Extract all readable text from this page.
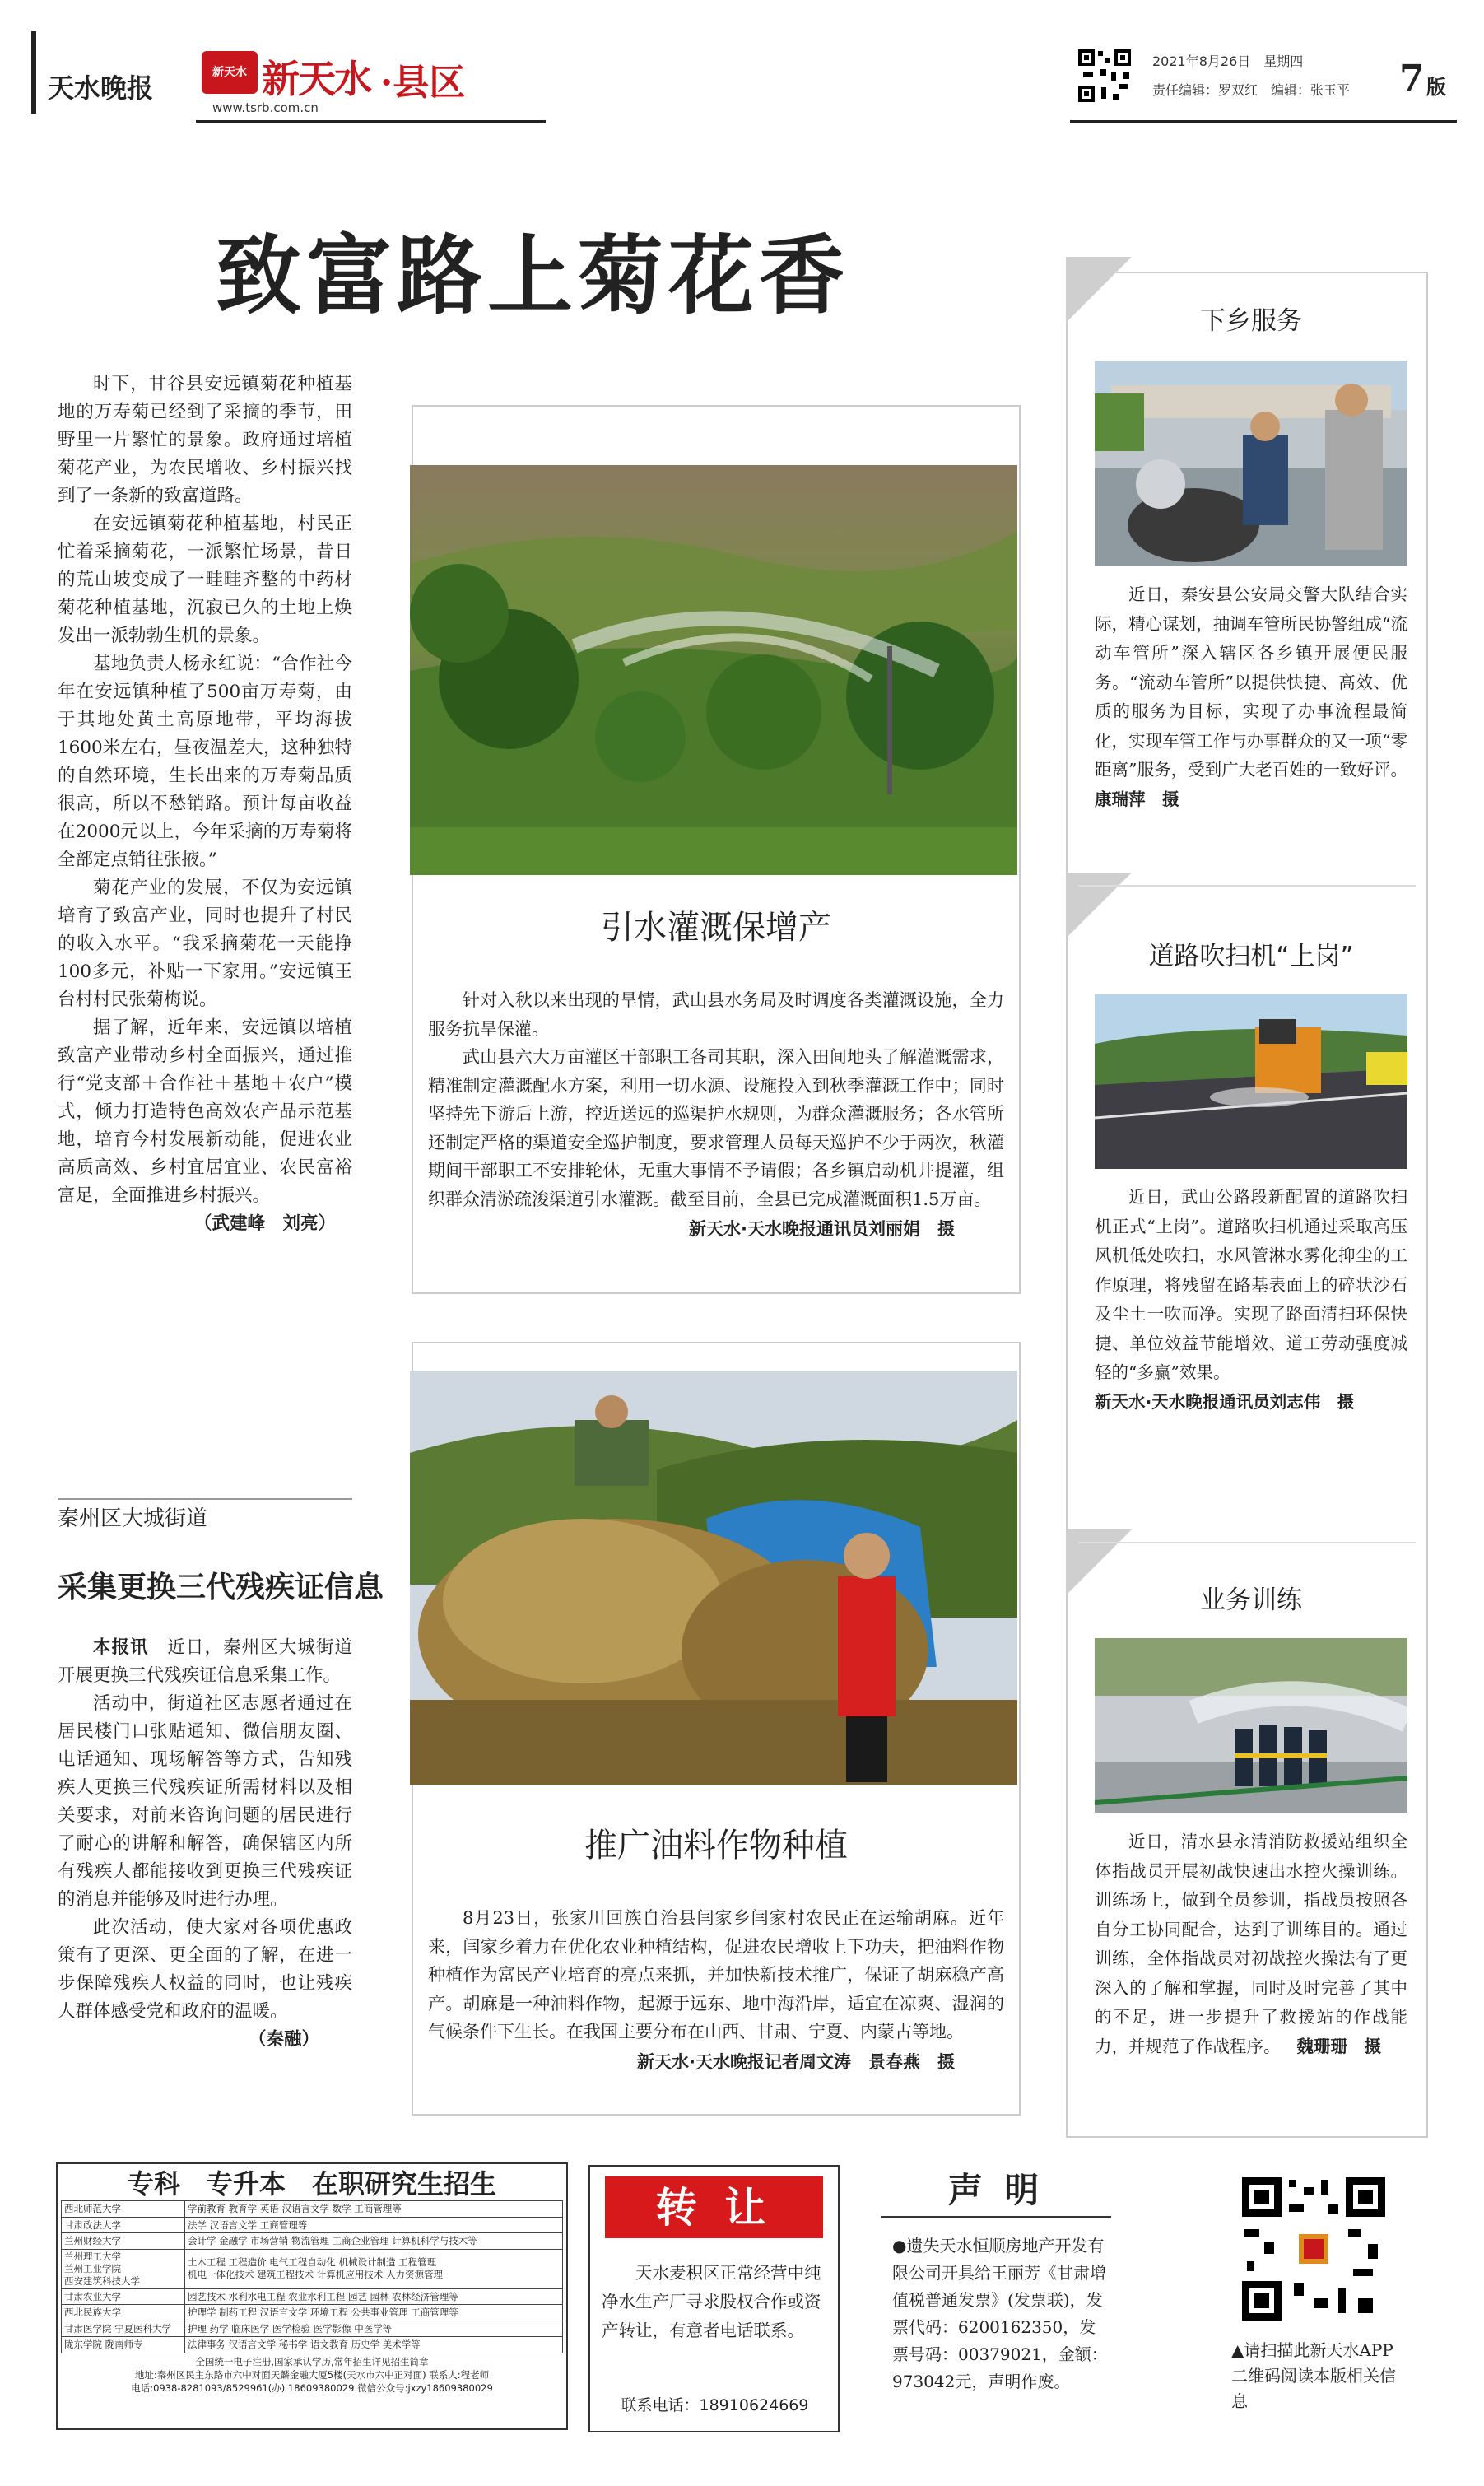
天水晚报	新天水 新天水 ·县区
www.tsrb.com.cn
2021年8月26日　星期四
责任编辑：罗双红　编辑：张玉平 7 版
致富路上菊花香

时下，甘谷县安远镇菊花种植基地的万寿菊已经到了采摘的季节，田野里一片繁忙的景象。政府通过培植菊花产业，为农民增收、乡村振兴找到了一条新的致富道路。

在安远镇菊花种植基地，村民正忙着采摘菊花，一派繁忙场景，昔日的荒山坡变成了一畦畦齐整的中药材菊花种植基地，沉寂已久的土地上焕发出一派勃勃生机的景象。

基地负责人杨永红说：“合作社今年在安远镇种植了500亩万寿菊，由于其地处黄土高原地带，平均海拔1600米左右，昼夜温差大，这种独特的自然环境，生长出来的万寿菊品质很高，所以不愁销路。预计每亩收益在2000元以上，今年采摘的万寿菊将全部定点销往张掖。”

菊花产业的发展，不仅为安远镇培育了致富产业，同时也提升了村民的收入水平。“我采摘菊花一天能挣100多元，补贴一下家用。”安远镇王台村村民张菊梅说。

据了解，近年来，安远镇以培植致富产业带动乡村全面振兴，通过推行“党支部＋合作社＋基地＋农户”模式，倾力打造特色高效农产品示范基地，培育今村发展新动能，促进农业高质高效、乡村宜居宜业、农民富裕富足，全面推进乡村振兴。

（武建峰　刘亮）
秦州区大城街道
采集更换三代残疾证信息

本报讯　 近日，秦州区大城街道开展更换三代残疾证信息采集工作。

活动中，街道社区志愿者通过在居民楼门口张贴通知、微信朋友圈、电话通知、现场解答等方式，告知残疾人更换三代残疾证所需材料以及相关要求，对前来咨询问题的居民进行了耐心的讲解和解答，确保辖区内所有残疾人都能接收到更换三代残疾证的消息并能够及时进行办理。

此次活动，使大家对各项优惠政策有了更深、更全面的了解，在进一步保障残疾人权益的同时，也让残疾人群体感受党和政府的温暖。

（秦融）
引水灌溉保增产

针对入秋以来出现的旱情，武山县水务局及时调度各类灌溉设施，全力服务抗旱保灌。

武山县六大万亩灌区干部职工各司其职，深入田间地头了解灌溉需求，精准制定灌溉配水方案，利用一切水源、设施投入到秋季灌溉工作中；同时坚持先下游后上游，控近送远的巡渠护水规则，为群众灌溉服务；各水管所还制定严格的渠道安全巡护制度，要求管理人员每天巡护不少于两次，秋灌期间干部职工不安排轮休，无重大事情不予请假；各乡镇启动机井提灌，组织群众清淤疏浚渠道引水灌溉。截至目前，全县已完成灌溉面积1.5万亩。

新天水·天水晚报通讯员刘丽娟　摄
推广油料作物种植

8月23日，张家川回族自治县闫家乡闫家村农民正在运输胡麻。近年来，闫家乡着力在优化农业种植结构，促进农民增收上下功夫，把油料作物种植作为富民产业培育的亮点来抓，并加快新技术推广，保证了胡麻稳产高产。胡麻是一种油料作物，起源于远东、地中海沿岸，适宜在凉爽、湿润的气候条件下生长。在我国主要分布在山西、甘肃、宁夏、内蒙古等地。

新天水·天水晚报记者周文涛　景春燕　摄
下乡服务

近日，秦安县公安局交警大队结合实际，精心谋划，抽调车管所民协警组成“流动车管所”深入辖区各乡镇开展便民服务。“流动车管所”以提供快捷、高效、优质的服务为目标，实现了办事流程最简化，实现车管工作与办事群众的又一项“零距离”服务，受到广大老百姓的一致好评。康瑞萍　摄

道路吹扫机“上岗”

近日，武山公路段新配置的道路吹扫机正式“上岗”。道路吹扫机通过采取高压风机低处吹扫，水风管淋水雾化抑尘的工作原理，将残留在路基表面上的碎状沙石及尘土一吹而净。实现了路面清扫环保快捷、单位效益节能增效、道工劳动强度减轻的“多赢”效果。

新天水·天水晚报通讯员刘志伟　摄
业务训练

近日，清水县永清消防救援站组织全体指战员开展初战快速出水控火操训练。训练场上，做到全员参训，指战员按照各自分工协同配合，达到了训练目的。通过训练，全体指战员对初战控火操法有了更深入的了解和掌握，同时及时完善了其中的不足，进一步提升了救援站的作战能力，并规范了作战程序。 魏珊珊　摄

专科　专升本　在职研究生招生
西北师范大学	学前教育 教育学 英语 汉语言文学 数学 工商管理等
甘肃政法大学	法学 汉语言文学 工商管理等
兰州财经大学	会计学 金融学 市场营销 物流管理 工商企业管理 计算机科学与技术等
兰州理工大学
兰州工业学院
西安建筑科技大学	土木工程 工程造价 电气工程自动化 机械设计制造 工程管理
机电一体化技术 建筑工程技术 计算机应用技术 人力资源管理
甘肃农业大学	园艺技术 水利水电工程 农业水利工程 园艺 园林 农林经济管理等
西北民族大学	护理学 制药工程 汉语言文学 环境工程 公共事业管理 工商管理等
甘肃医学院 宁夏医科大学	护理 药学 临床医学 医学检验 医学影像 中医学等
陇东学院 陇南师专	法律事务 汉语言文学 秘书学 语文教育 历史学 美术学等
全国统一电子注册,国家承认学历,常年招生详见招生简章
地址:秦州区民主东路市六中对面天麟金融大厦5楼(天水市六中正对面) 联系人:程老师
电话:0938-8281093/8529961(办) 18609380029 微信公众号:jxzy18609380029
转 让
天水麦积区正常经营中纯净水生产厂寻求股权合作或资产转让，有意者电话联系。
联系电话：18910624669
声 明
●遗失天水恒顺房地产开发有限公司开具给王丽芳《甘肃增值税普通发票》(发票联)，发票代码：6200162350，发票号码：00379021，金额：973042元，声明作废。
▲请扫描此新天水APP二维码阅读本版相关信息
